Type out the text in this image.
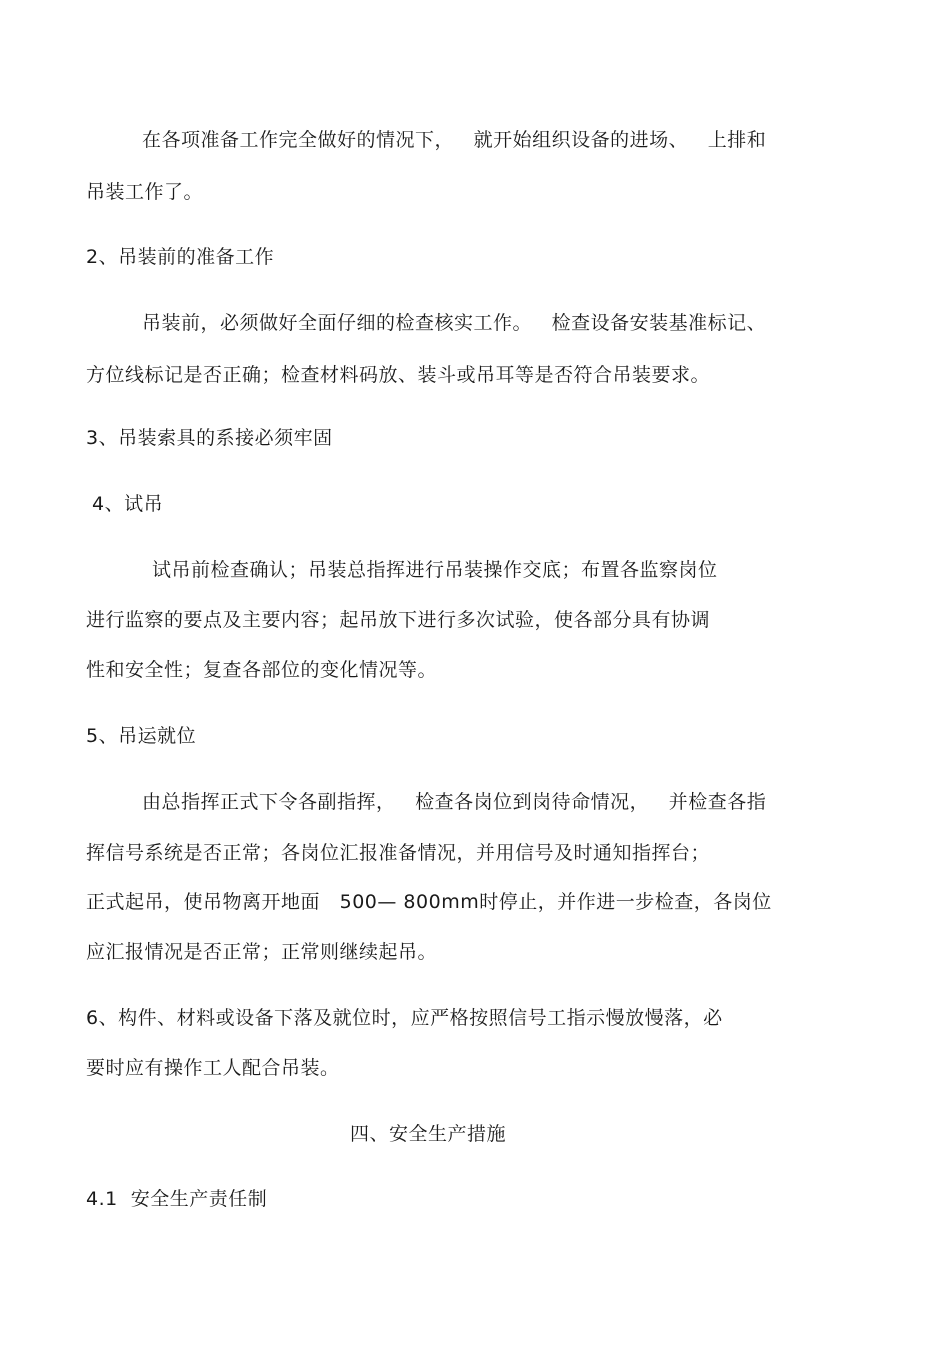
在各项准备工作完全做好的情况下，   就开始组织设备的进场、   上排和
吊装工作了。
2、吊装前的准备工作
吊装前，必须做好全面仔细的检查核实工作。   检查设备安装基准标记、
方位线标记是否正确；检查材料码放、装斗或吊耳等是否符合吊装要求。
3、吊装索具的系接必须牢固
4、试吊
试吊前检查确认；吊装总指挥进行吊装操作交底；布置各监察岗位
进行监察的要点及主要内容；起吊放下进行多次试验，使各部分具有协调
性和安全性；复查各部位的变化情况等。
5、吊运就位
由总指挥正式下令各副指挥，   检查各岗位到岗待命情况，   并检查各指
挥信号系统是否正常；各岗位汇报准备情况，并用信号及时通知指挥台；
正式起吊，使吊物离开地面   500— 800mm时停止，并作进一步检查，各岗位
应汇报情况是否正常；正常则继续起吊。
6、构件、材料或设备下落及就位时，应严格按照信号工指示慢放慢落，必
要时应有操作工人配合吊装。
四、安全生产措施
4.1  安全生产责任制
